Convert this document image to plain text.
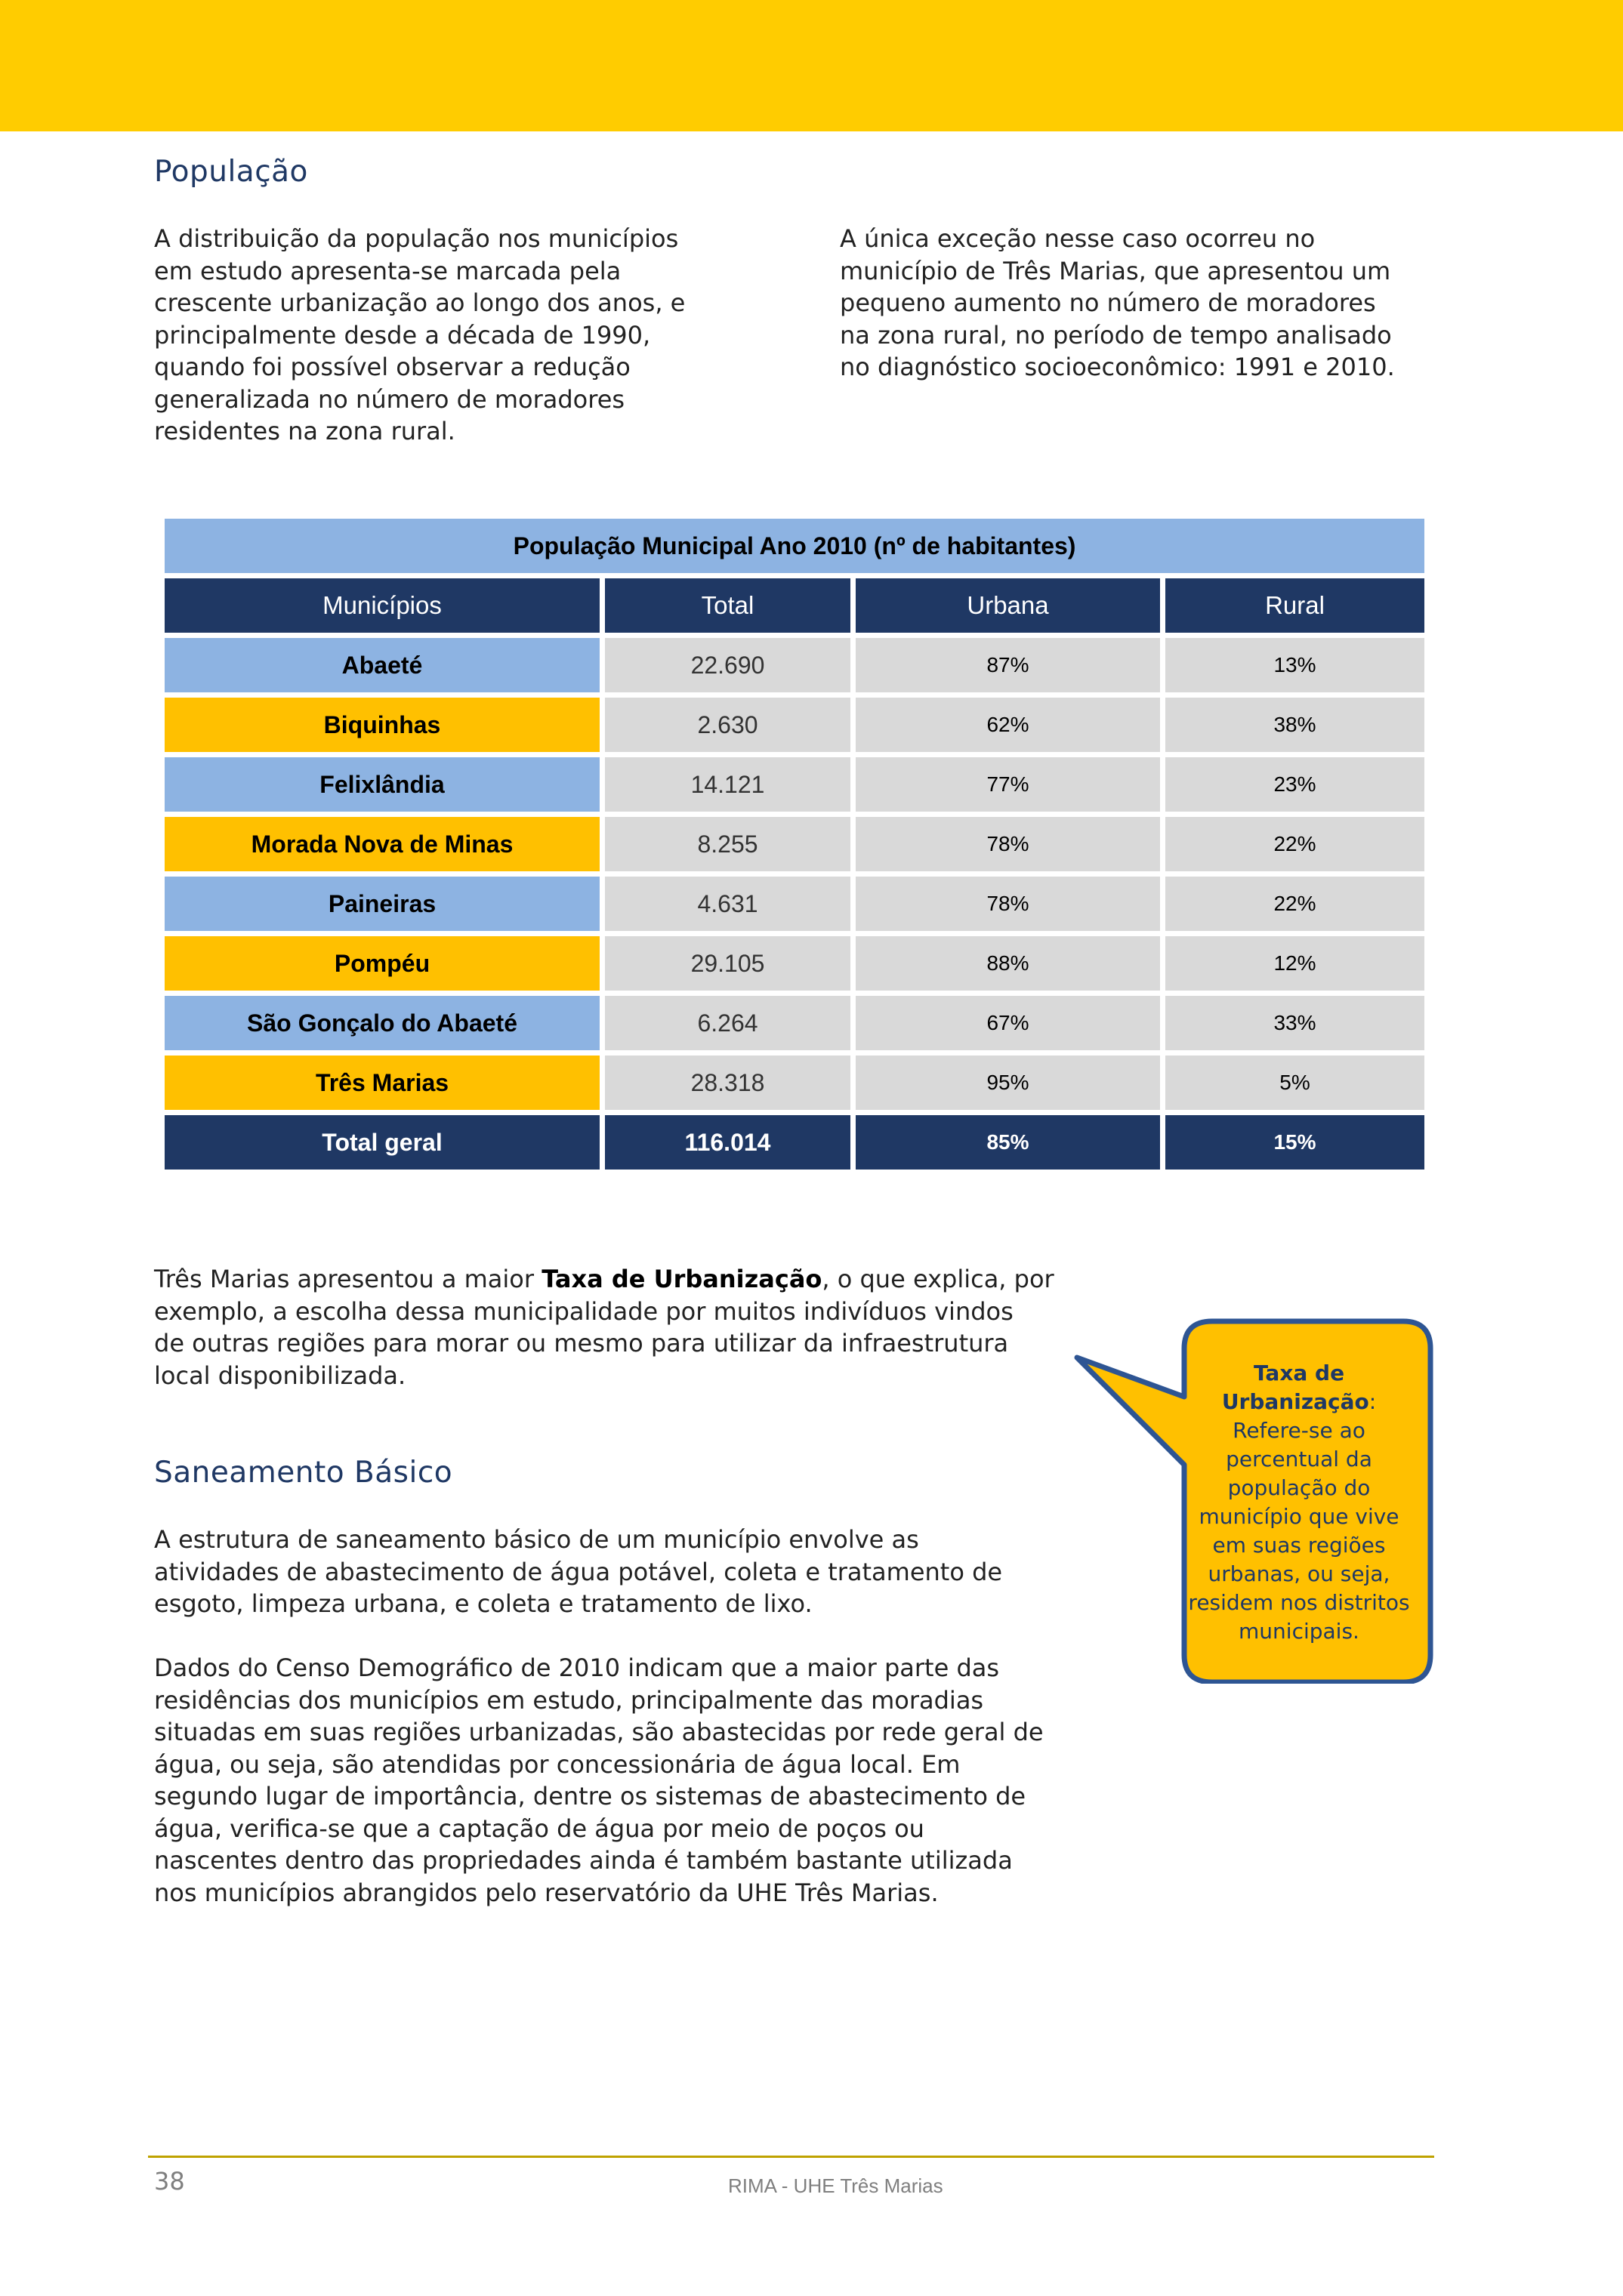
População

A distribuição da população nos municípios
em estudo apresenta-se marcada pela
crescente urbanização ao longo dos anos, e
principalmente desde a década de 1990,
quando foi possível observar a redução
generalizada no número de moradores
residentes na zona rural.

A única exceção nesse caso ocorreu no
município de Três Marias, que apresentou um
pequeno aumento no número de moradores
na zona rural, no período de tempo analisado
no diagnóstico socioeconômico: 1991 e 2010.

População Municipal Ano 2010 (nº de habitantes)			
Municípios	Total	Urbana	Rural
Abaeté	22.690	87%	13%
Biquinhas	2.630	62%	38%
Felixlândia	14.121	77%	23%
Morada Nova de Minas	8.255	78%	22%
Paineiras	4.631	78%	22%
Pompéu	29.105	88%	12%
São Gonçalo do Abaeté	6.264	67%	33%
Três Marias	28.318	95%	5%
Total geral	116.014	85%	15%

Três Marias apresentou a maior Taxa de Urbanização, o que explica, por
exemplo, a escolha dessa municipalidade por muitos indivíduos vindos
de outras regiões para morar ou mesmo para utilizar da infraestrutura
local disponibilizada.	Taxa de
Urbanização:
Refere-se ao
percentual da
população do
município que vive
em suas regiões
urbanas, ou seja,
residem nos distritos
municipais.
Saneamento Básico

A estrutura de saneamento básico de um município envolve as
atividades de abastecimento de água potável, coleta e tratamento de
esgoto, limpeza urbana, e coleta e tratamento de lixo.

Dados do Censo Demográfico de 2010 indicam que a maior parte das
residências dos municípios em estudo, principalmente das moradias
situadas em suas regiões urbanizadas, são abastecidas por rede geral de
água, ou seja, são atendidas por concessionária de água local. Em
segundo lugar de importância, dentre os sistemas de abastecimento de
água, verifica-se que a captação de água por meio de poços ou
nascentes dentro das propriedades ainda é também bastante utilizada
nos municípios abrangidos pelo reservatório da UHE Três Marias.

38	RIMA - UHE Três Marias
